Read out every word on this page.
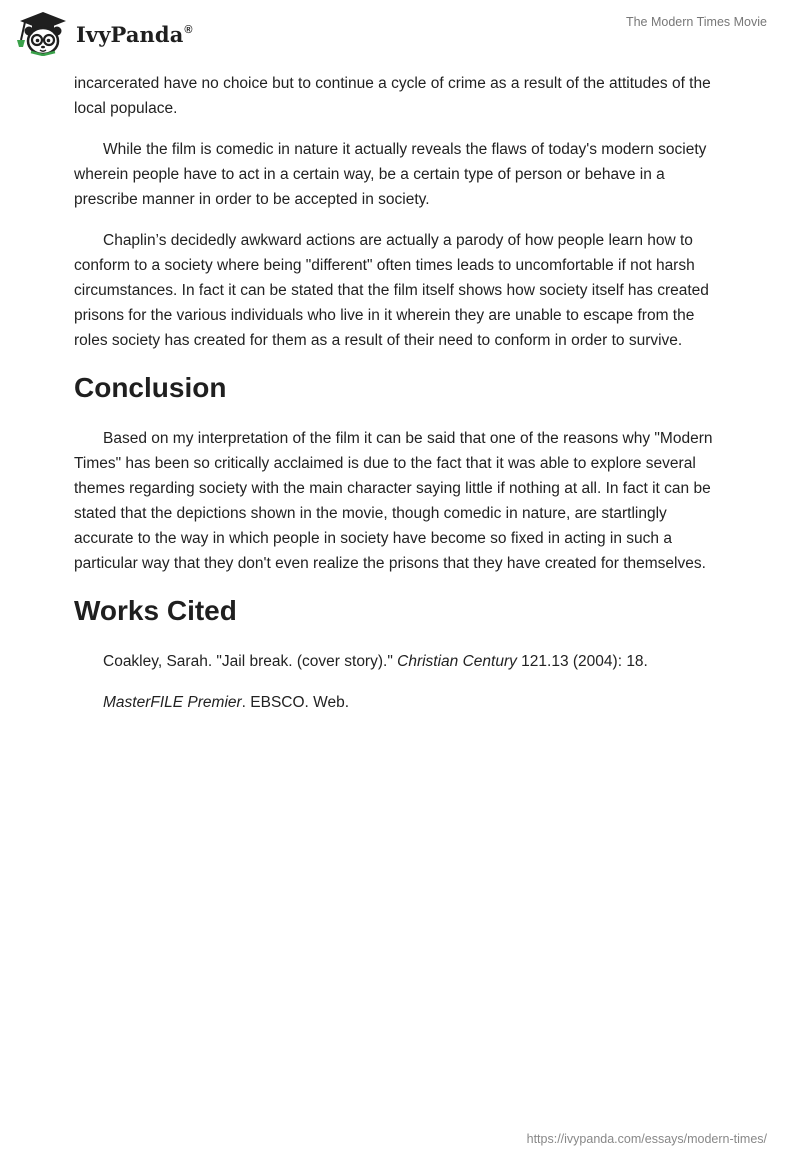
IvyPanda®
The Modern Times Movie

incarcerated have no choice but to continue a cycle of crime as a result of the attitudes of the local populace.

While the film is comedic in nature it actually reveals the flaws of today's modern society wherein people have to act in a certain way, be a certain type of person or behave in a prescribe manner in order to be accepted in society.

Chaplin’s decidedly awkward actions are actually a parody of how people learn how to conform to a society where being "different" often times leads to uncomfortable if not harsh circumstances. In fact it can be stated that the film itself shows how society itself has created prisons for the various individuals who live in it wherein they are unable to escape from the roles society has created for them as a result of their need to conform in order to survive.

Conclusion

Based on my interpretation of the film it can be said that one of the reasons why "Modern Times" has been so critically acclaimed is due to the fact that it was able to explore several themes regarding society with the main character saying little if nothing at all. In fact it can be stated that the depictions shown in the movie, though comedic in nature, are startlingly accurate to the way in which people in society have become so fixed in acting in such a particular way that they don't even realize the prisons that they have created for themselves.

Works Cited

Coakley, Sarah. "Jail break. (cover story)." Christian Century 121.13 (2004): 18.

MasterFILE Premier. EBSCO. Web.

https://ivypanda.com/essays/modern-times/
